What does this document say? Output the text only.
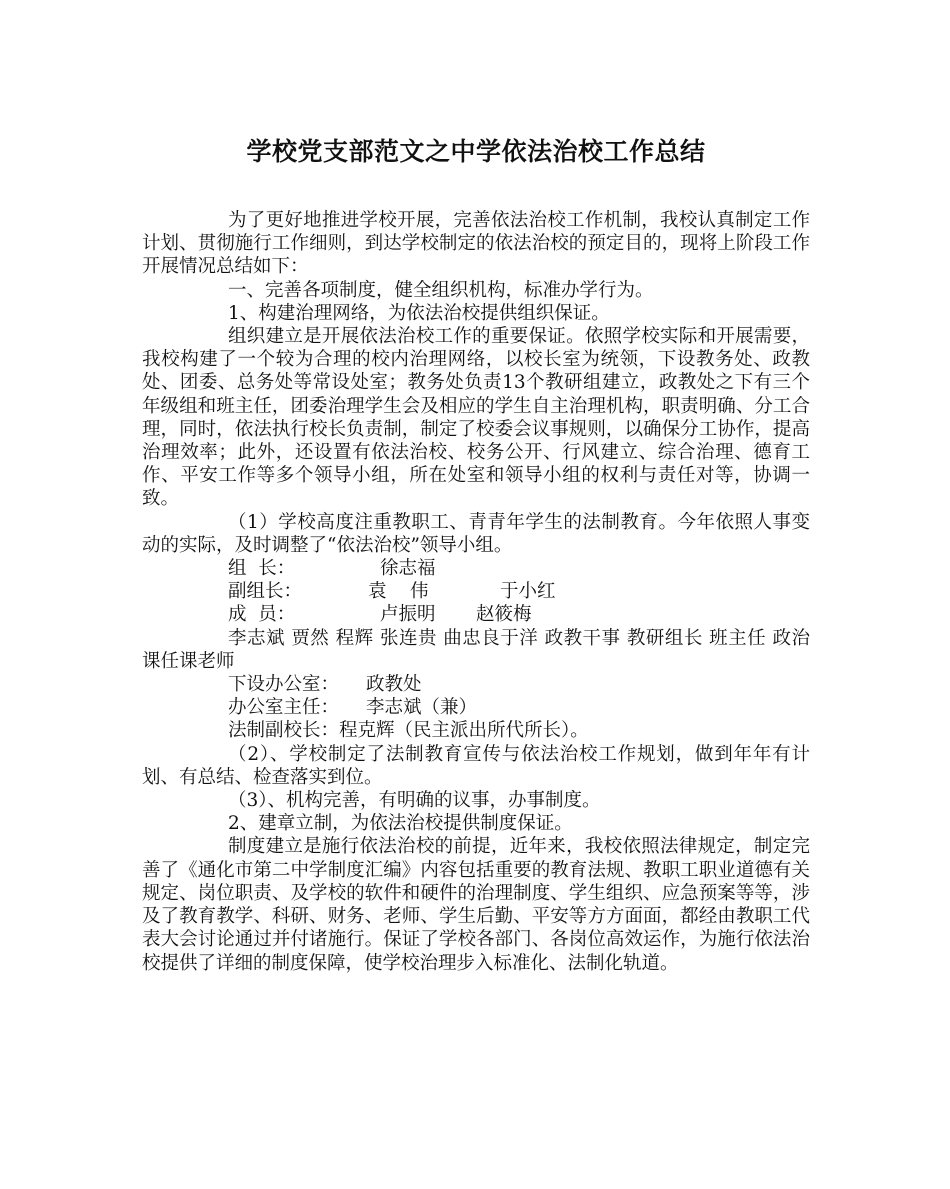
学校党支部范文之中学依法治校工作总结

为了更好地推进学校开展，完善依法治校工作机制，我校认真制定工作计划、贯彻施行工作细则，到达学校制定的依法治校的预定目的，现将上阶段工作开展情况总结如下：

一、完善各项制度，健全组织机构，标准办学行为。

1、构建治理网络，为依法治校提供组织保证。

组织建立是开展依法治校工作的重要保证。依照学校实际和开展需要，我校构建了一个较为合理的校内治理网络，以校长室为统领，下设教务处、政教处、团委、总务处等常设处室；教务处负责13个教研组建立，政教处之下有三个年级组和班主任，团委治理学生会及相应的学生自主治理机构，职责明确、分工合理，同时，依法执行校长负责制，制定了校委会议事规则，以确保分工协作，提高治理效率；此外，还设置有依法治校、校务公开、行风建立、综合治理、德育工作、平安工作等多个领导小组，所在处室和领导小组的权利与责任对等，协调一致。

（1）学校高度注重教职工、青青年学生的法制教育。今年依照人事变动的实际，及时调整了“依法治校”领导小组。

组  长：	徐志福
副组长：	袁    伟	于小红
成  员：	卢振明 赵筱梅

李志斌 贾然 程辉 张连贵 曲忠良于洋 政教干事 教研组长 班主任 政治课任课老师

下设办公室： 政教处
办公室主任： 李志斌（兼）
法制副校长：程克辉（民主派出所代所长）。

（2）、学校制定了法制教育宣传与依法治校工作规划，做到年年有计划、有总结、检查落实到位。

（3）、机构完善，有明确的议事，办事制度。

2、建章立制，为依法治校提供制度保证。

制度建立是施行依法治校的前提，近年来，我校依照法律规定，制定完善了《通化市第二中学制度汇编》内容包括重要的教育法规、教职工职业道德有关规定、岗位职责、及学校的软件和硬件的治理制度、学生组织、应急预案等等，涉及了教育教学、科研、财务、老师、学生后勤、平安等方方面面，都经由教职工代表大会讨论通过并付诸施行。保证了学校各部门、各岗位高效运作，为施行依法治校提供了详细的制度保障，使学校治理步入标准化、法制化轨道。
